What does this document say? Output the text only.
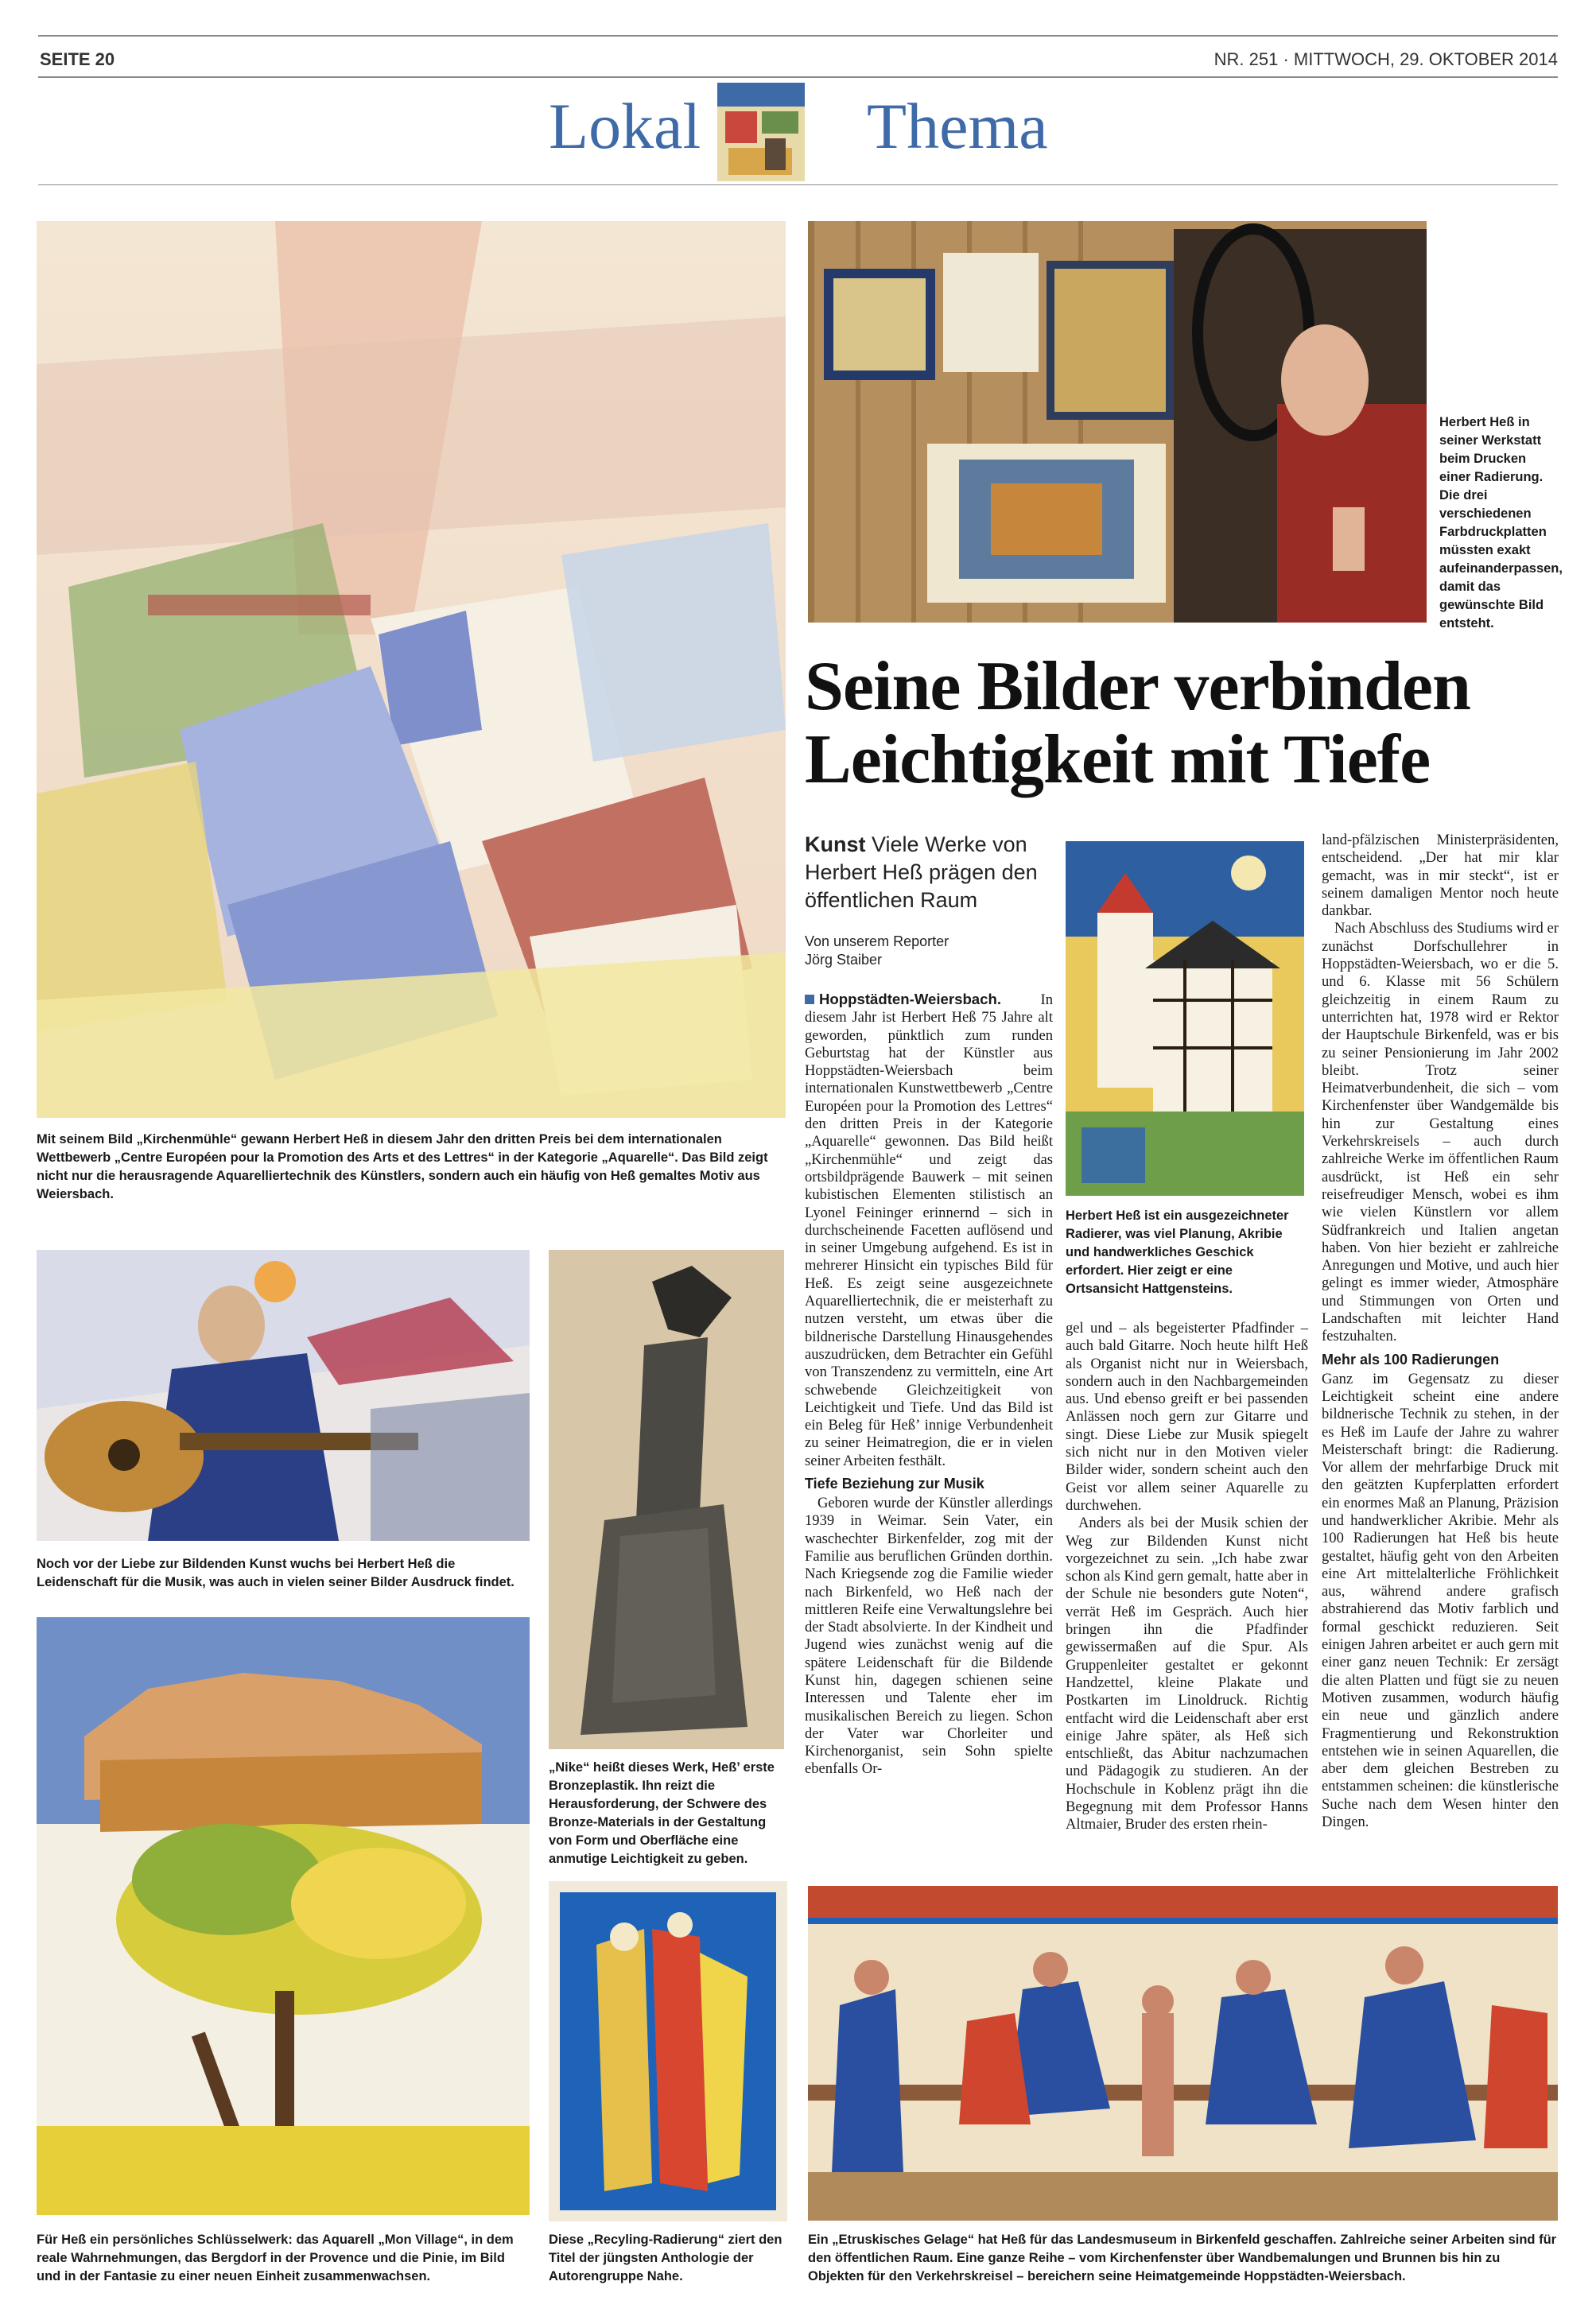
SEITE 20	NR. 251 · MITTWOCH, 29. OKTOBER 2014
Lokal	Thema
Mit seinem Bild „Kirchenmühle“ gewann Herbert Heß in diesem Jahr den dritten Preis bei dem internationalen Wettbewerb „Centre Européen pour la Promotion des Arts et des Lettres“ in der Kategorie „Aquarelle“. Das Bild zeigt nicht nur die herausragende Aquarelliertechnik des Künstlers, sondern auch ein häufig von Heß gemaltes Motiv aus Weiersbach.
Herbert Heß in seiner Werkstatt beim Drucken einer Radierung. Die drei verschiedenen Farbdruckplatten müssten exakt aufeinanderpassen, damit das gewünschte Bild entsteht.
Seine Bilder verbinden
Leichtigkeit mit Tiefe
Kunst Viele Werke von Herbert Heß prägen den öffentlichen Raum
Von unserem Reporter
Jörg Staiber

Hoppstädten-Weiersbach.	In diesem Jahr ist Herbert Heß 75 Jahre alt geworden, pünktlich zum runden Geburtstag hat der Künstler aus Hoppstädten-Weiersbach beim internationalen Kunstwettbewerb „Centre Européen pour la Promotion des Lettres“ den dritten Preis in der Kategorie „Aquarelle“ gewonnen. Das Bild heißt „Kirchenmühle“ und zeigt das ortsbildprägende Bauwerk – mit seinen kubistischen Elementen stilistisch an Lyonel Feininger erinnernd – sich in durchscheinende Facetten auflösend und in seiner Umgebung aufgehend. Es ist in mehrerer Hinsicht ein typisches Bild für Heß. Es zeigt seine ausgezeichnete Aquarelliertechnik, die er meisterhaft zu nutzen versteht, um etwas über die bildnerische Darstellung Hinausgehendes auszudrücken, dem Betrachter ein Gefühl von Transzendenz zu vermitteln, eine Art schwebende Gleichzeitigkeit von Leichtigkeit und Tiefe. Und das Bild ist ein Beleg für Heß’ innige Verbundenheit zu seiner Heimatregion, die er in vielen seiner Arbeiten festhält.

Tiefe Beziehung zur Musik

Geboren wurde der Künstler allerdings 1939 in Weimar. Sein Vater, ein waschechter Birkenfelder, zog mit der Familie aus beruflichen Gründen dorthin. Nach Kriegsende zog die Familie wieder nach Birkenfeld, wo Heß nach der mittleren Reife eine Verwaltungslehre bei der Stadt absolvierte. In der Kindheit und Jugend wies zunächst wenig auf die spätere Leidenschaft für die Bildende Kunst hin, dagegen schienen seine Interessen und Talente eher im musikalischen Bereich zu liegen. Schon der Vater war Chorleiter und Kirchenorganist, sein Sohn spielte ebenfalls Or-

Herbert Heß ist ein ausgezeichneter Radierer, was viel Planung, Akribie und handwerkliches Geschick erfordert. Hier zeigt er eine Ortsansicht Hattgensteins.

gel und – als begeisterter Pfadfinder – auch bald Gitarre. Noch heute hilft Heß als Organist nicht nur in Weiersbach, sondern auch in den Nachbargemeinden aus. Und ebenso greift er bei passenden Anlässen noch gern zur Gitarre und singt. Diese Liebe zur Musik spiegelt sich nicht nur in den Motiven vieler Bilder wider, sondern scheint auch den Geist vor allem seiner Aquarelle zu durchwehen.

Anders als bei der Musik schien der Weg zur Bildenden Kunst nicht vorgezeichnet zu sein. „Ich habe zwar schon als Kind gern gemalt, hatte aber in der Schule nie besonders gute Noten“, verrät Heß im Gespräch. Auch hier bringen ihn die Pfadfinder gewissermaßen auf die Spur. Als Gruppenleiter gestaltet er gekonnt Handzettel, kleine Plakate und Postkarten im Linoldruck. Richtig entfacht wird die Leidenschaft aber erst einige Jahre später, als Heß sich entschließt, das Abitur nachzumachen und Pädagogik zu studieren. An der Hochschule in Koblenz prägt ihn die Begegnung mit dem Professor Hanns Altmaier, Bruder des ersten rhein-

land-pfälzischen Ministerpräsidenten, entscheidend. „Der hat mir klar gemacht, was in mir steckt“, ist er seinem damaligen Mentor noch heute dankbar.

Nach Abschluss des Studiums wird er zunächst Dorfschullehrer in Hoppstädten-Weiersbach, wo er die 5. und 6. Klasse mit 56 Schülern gleichzeitig in einem Raum zu unterrichten hat, 1978 wird er Rektor der Hauptschule Birkenfeld, was er bis zu seiner Pensionierung im Jahr 2002 bleibt. Trotz seiner Heimatverbundenheit, die sich – vom Kirchenfenster über Wandgemälde bis hin zur Gestaltung eines Verkehrskreisels – auch durch zahlreiche Werke im öffentlichen Raum ausdrückt, ist Heß ein sehr reisefreudiger Mensch, wobei es ihm wie vielen Künstlern vor allem Südfrankreich und Italien angetan haben. Von hier bezieht er zahlreiche Anregungen und Motive, und auch hier gelingt es immer wieder, Atmosphäre und Stimmungen von Orten und Landschaften mit leichter Hand festzuhalten.

Mehr als 100 Radierungen

Ganz im Gegensatz zu dieser Leichtigkeit scheint eine andere bildnerische Technik zu stehen, in der es Heß im Laufe der Jahre zu wahrer Meisterschaft bringt: die Radierung. Vor allem der mehrfarbige Druck mit den geätzten Kupferplatten erfordert ein enormes Maß an Planung, Präzision und handwerklicher Akribie. Mehr als 100 Radierungen hat Heß bis heute gestaltet, häufig geht von den Arbeiten eine Art mittelalterliche Fröhlichkeit aus, während andere grafisch abstrahierend das Motiv farblich und formal geschickt reduzieren. Seit einigen Jahren arbeitet er auch gern mit einer ganz neuen Technik: Er zersägt die alten Platten und fügt sie zu neuen Motiven zusammen, wodurch häufig ein neue und gänzlich andere Fragmentierung und Rekonstruktion entstehen wie in seinen Aquarellen, die aber dem gleichen Bestreben zu entstammen scheinen: die künstlerische Suche nach dem Wesen hinter den Dingen.

Noch vor der Liebe zur Bildenden Kunst wuchs bei Herbert Heß die Leidenschaft für die Musik, was auch in vielen seiner Bilder Ausdruck findet.
„Nike“ heißt dieses Werk, Heß’ erste Bronzeplastik. Ihn reizt die Herausforderung, der Schwere des Bronze-Materials in der Gestaltung von Form und Oberfläche eine anmutige Leichtigkeit zu geben.
Für Heß ein persönliches Schlüsselwerk: das Aquarell „Mon Village“, in dem reale Wahrnehmungen, das Bergdorf in der Provence und die Pinie, im Bild und in der Fantasie zu einer neuen Einheit zusammenwachsen.
Diese „Recyling-Radierung“ ziert den Titel der jüngsten Anthologie der Autorengruppe Nahe.
Ein „Etruskisches Gelage“ hat Heß für das Landesmuseum in Birkenfeld geschaffen. Zahlreiche seiner Arbeiten sind für den öffentlichen Raum. Eine ganze Reihe – vom Kirchenfenster über Wandbemalungen und Brunnen bis hin zu Objekten für den Verkehrskreisel – bereichern seine Heimatgemeinde Hoppstädten-Weiersbach.
